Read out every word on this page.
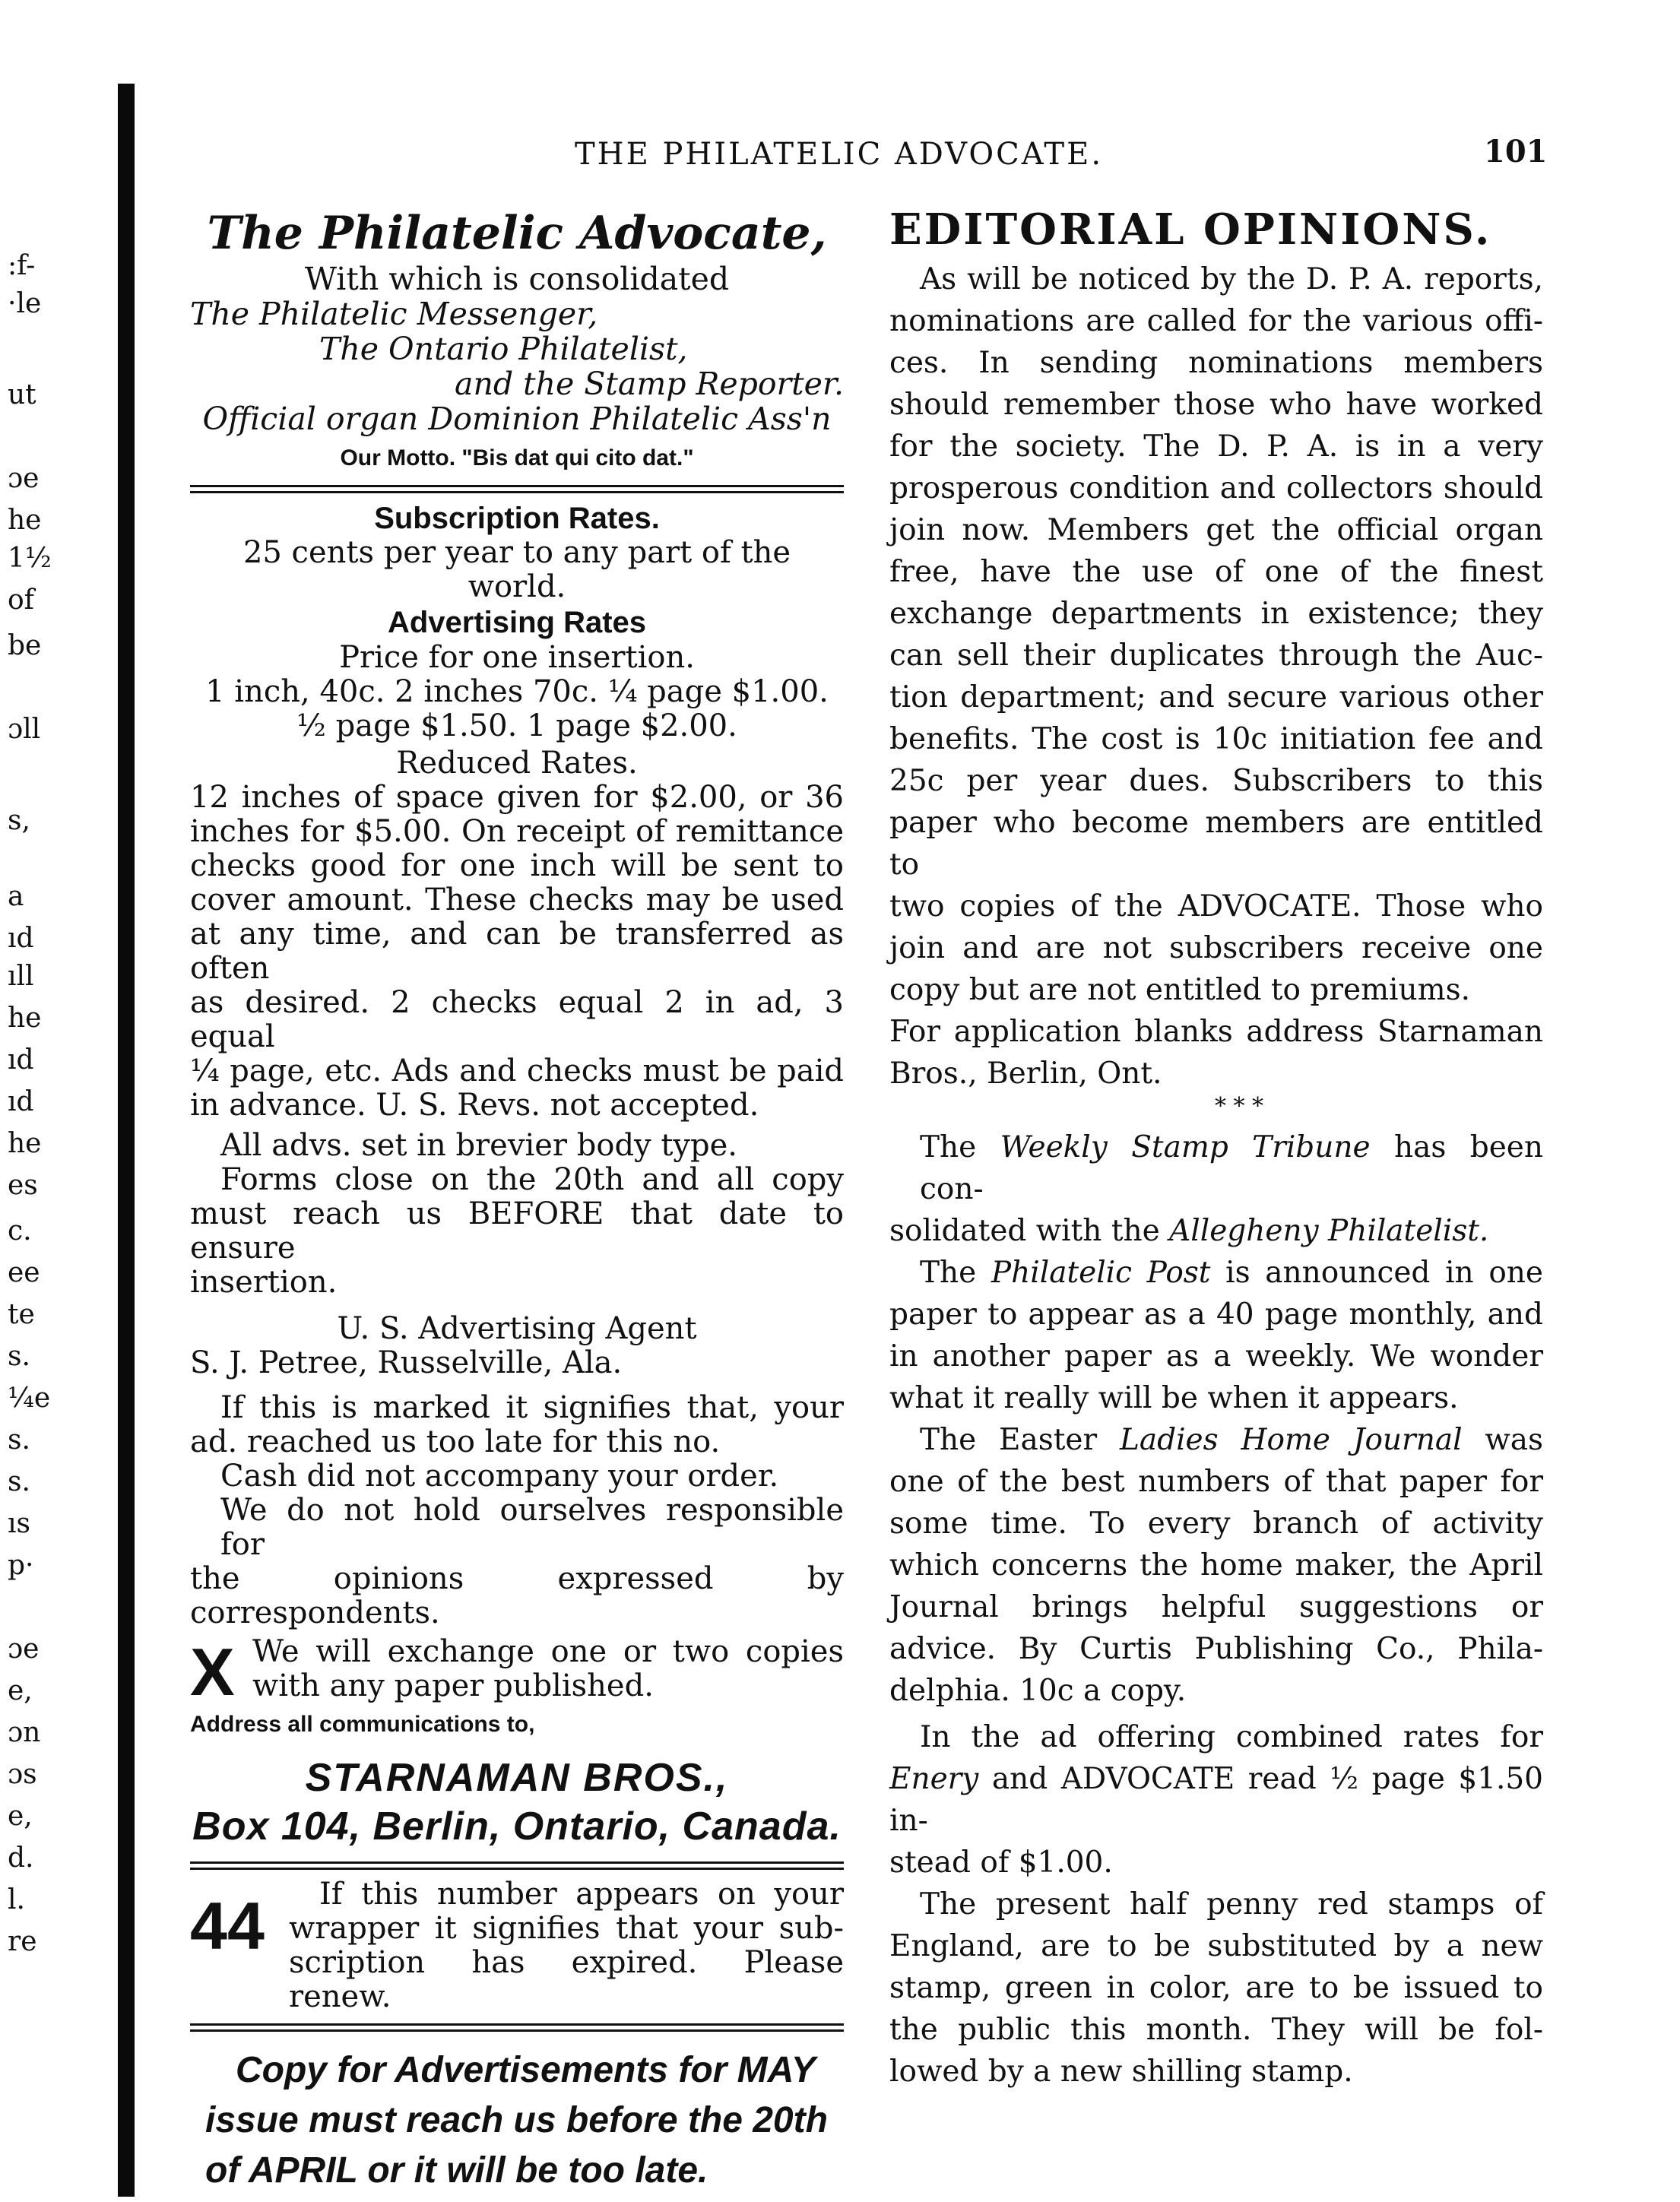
:f-
·le
ut
ɔe
he
1½
of
be
ɔll
s,
a
ıd
ıll
he
ıd
ıd
he
es
c.
ee
te
s.
¼e
s.
s.
ıs
p·
ɔe
e,
ɔn
ɔs
e,
d.
l.
re
THE PHILATELIC ADVOCATE.	101
The Philatelic Advocate,
With which is consolidated
The Philatelic Messenger,
The Ontario Philatelist,
and the Stamp Reporter.
Official organ Dominion Philatelic Ass'n
Our Motto. "Bis dat qui cito dat."
Subscription Rates.
25 cents per year to any part of the world.
Advertising Rates
Price for one insertion.
1 inch, 40c. 2 inches 70c. ¼ page $1.00.
½ page $1.50. 1 page $2.00.
Reduced Rates.
12 inches of space given for $2.00, or 36
inches for $5.00. On receipt of remittance
checks good for one inch will be sent to
cover amount. These checks may be used
at any time, and can be transferred as often
as desired. 2 checks equal 2 in ad, 3 equal
¼ page, etc. Ads and checks must be paid
in advance. U. S. Revs. not accepted.
All advs. set in brevier body type.
Forms close on the 20th and all copy
must reach us BEFORE that date to ensure
insertion.
U. S. Advertising Agent
S. J. Petree, Russelville, Ala.
If this is marked it signifies that, your
ad. reached us too late for this no.
Cash did not accompany your order.
We do not hold ourselves responsible for
the opinions expressed by correspondents.
X We will exchange one or two copies
with any paper published.
Address all communications to,
STARNAMAN BROS.,
Box 104, Berlin, Ontario, Canada.
44	If this number appears on your
wrapper it signifies that your sub-
scription has expired. Please renew.
Copy for Advertisements for MAY
issue must reach us before the 20th
of APRIL or it will be too late.
EDITORIAL OPINIONS.
As will be noticed by the D. P. A. reports,
nominations are called for the various offi-
ces. In sending nominations members
should remember those who have worked
for the society. The D. P. A. is in a very
prosperous condition and collectors should
join now. Members get the official organ
free, have the use of one of the finest
exchange departments in existence; they
can sell their duplicates through the Auc-
tion department; and secure various other
benefits. The cost is 10c initiation fee and
25c per year dues. Subscribers to this
paper who become members are entitled to
two copies of the ADVOCATE. Those who
join and are not subscribers receive one
copy but are not entitled to premiums.
For application blanks address Starnaman
Bros., Berlin, Ont.
* * *
The Weekly Stamp Tribune has been con-
solidated with the Allegheny Philatelist.
The Philatelic Post is announced in one
paper to appear as a 40 page monthly, and
in another paper as a weekly. We wonder
what it really will be when it appears.
The Easter Ladies Home Journal was
one of the best numbers of that paper for
some time. To every branch of activity
which concerns the home maker, the April
Journal brings helpful suggestions or
advice. By Curtis Publishing Co., Phila-
delphia. 10c a copy.
In the ad offering combined rates for
Enery and ADVOCATE read ½ page $1.50 in-
stead of $1.00.
The present half penny red stamps of
England, are to be substituted by a new
stamp, green in color, are to be issued to
the public this month. They will be fol-
lowed by a new shilling stamp.
